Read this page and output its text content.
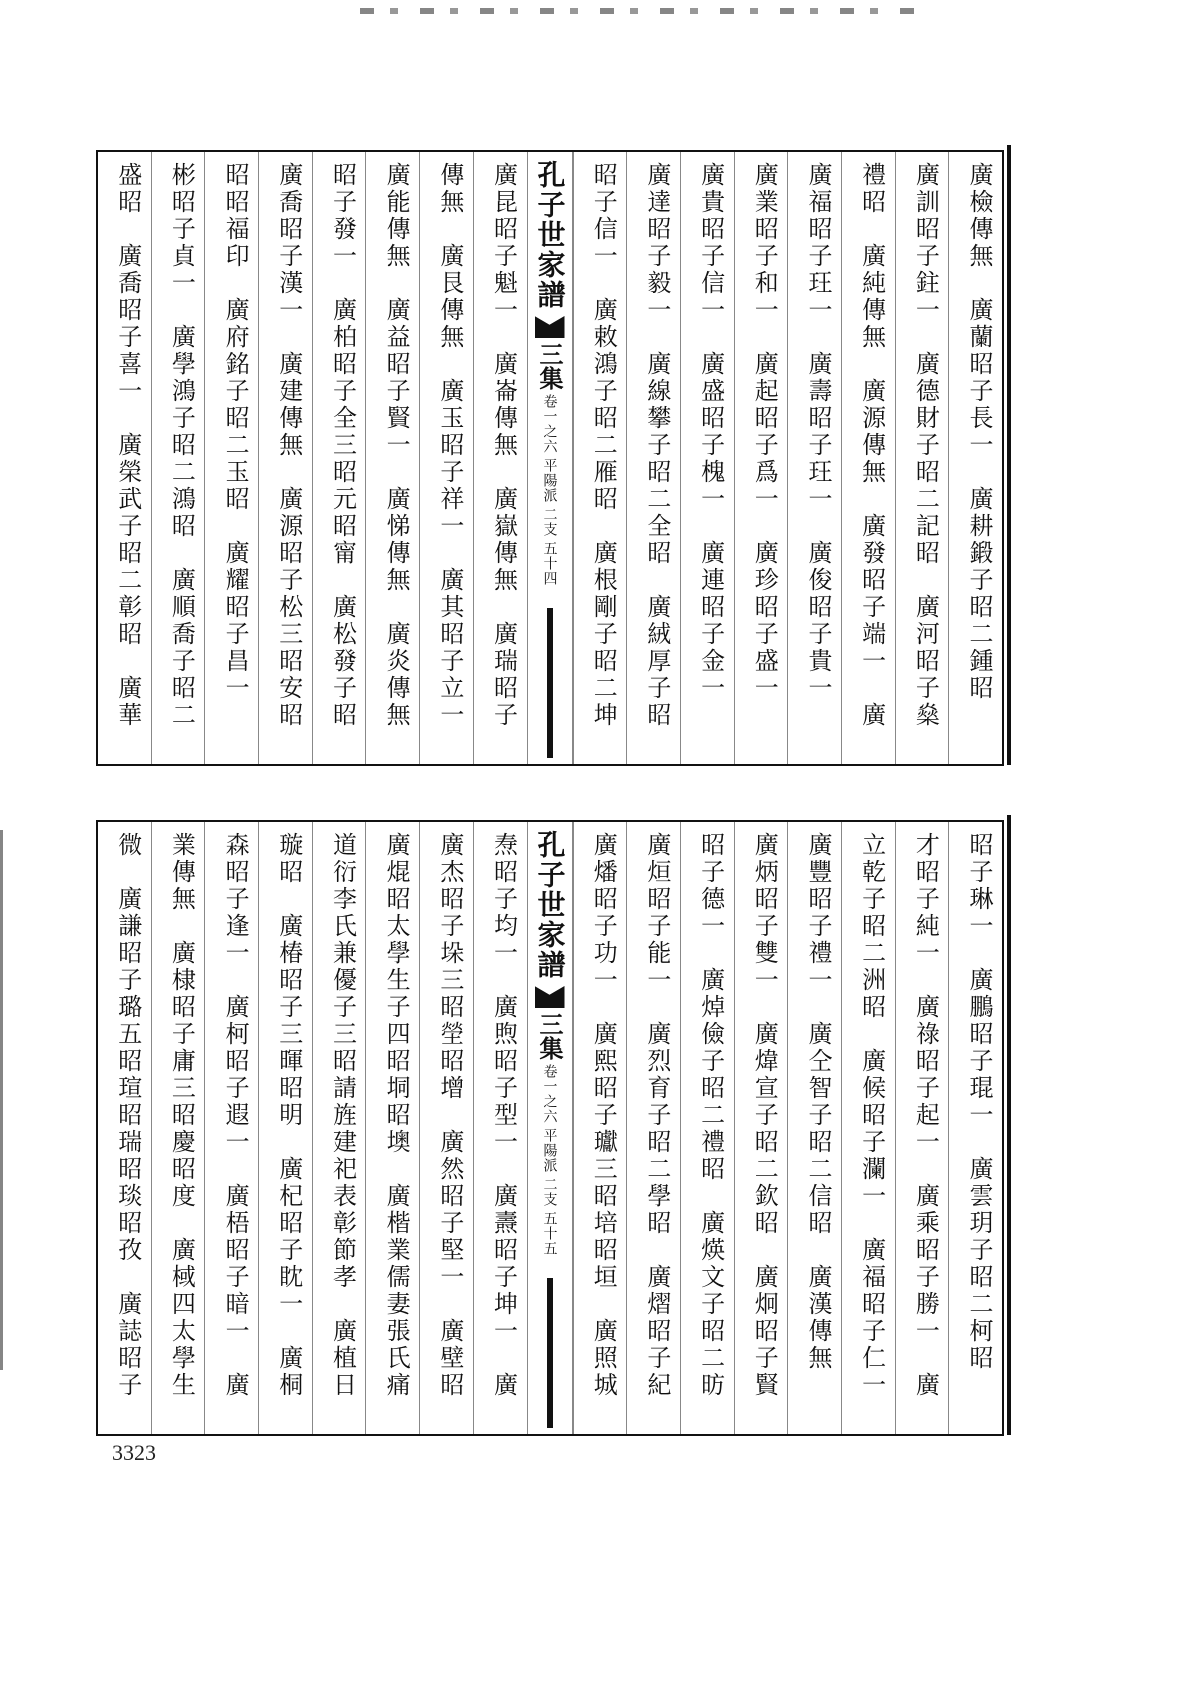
廣檢傳無　廣蘭昭子長一　廣耕鍛子昭二鍾昭　
廣訓昭子鉒一　廣德財子昭二記昭　廣河昭子燊　
禮昭　廣純傳無　廣源傳無　廣發昭子端一　廣
廣福昭子玨一　廣壽昭子玨一　廣俊昭子貴一　
廣業昭子和一　廣起昭子爲一　廣珍昭子盛一　
廣貴昭子信一　廣盛昭子槐一　廣連昭子金一　
廣達昭子毅一　廣線攀子昭二全昭　廣絨厚子昭　
昭子信一　廣敕鴻子昭二雁昭　廣根剛子昭二坤　
孔子世家譜
三集
卷一之六
平陽派
二支
五十四
廣昆昭子魁一　廣崙傳無　廣嶽傳無　廣瑞昭子　
傳無　廣艮傳無　廣玉昭子祥一　廣其昭子立一　
廣能傳無　廣益昭子賢一　廣悌傳無　廣炎傳無　
昭子發一　廣柏昭子全三昭元昭甯　廣松發子昭　
廣喬昭子漢一　廣建傳無　廣源昭子松三昭安昭　
昭昭福印　廣府銘子昭二玉昭　廣耀昭子昌一　　
彬昭子貞一　廣學鴻子昭二鴻昭　廣順喬子昭二　
盛昭　廣喬昭子喜一　廣榮武子昭二彰昭　廣華　
昭子琳一　廣鵬昭子琨一　廣雲玥子昭二柯昭　　
才昭子純一　廣祿昭子起一　廣乘昭子勝一　廣　
立乾子昭二洲昭　廣候昭子瀾一　廣福昭子仁一　
廣豐昭子禮一　廣仝智子昭二信昭　廣漢傳無　
廣炳昭子雙一　廣煒宣子昭二欽昭　廣炯昭子賢　
昭子德一　廣焯儉子昭二禮昭　廣煐文子昭二昉　
廣烜昭子能一　廣烈育子昭二學昭　廣熠昭子紀　
廣燔昭子功一　廣熙昭子瓛三昭培昭垣　廣照城　
孔子世家譜
三集
卷一之六
平陽派
二支
五十五
焘昭子均一　廣煦昭子型一　廣燾昭子坤一　廣
廣杰昭子垛三昭塋昭增　廣然昭子堅一　廣壁昭
廣焜昭太學生子四昭垌昭墺　廣楷業儒妻張氏痛
道衍李氏兼優子三昭請旌建祀表彰節孝　廣植日
璇昭　廣椿昭子三暉昭明　廣杞昭子眈一　廣桐　
森昭子逢一　廣柯昭子遐一　廣梧昭子暗一　廣　
業傳無　廣棣昭子庸三昭慶昭度　廣棫四太學生
微　廣謙昭子璐五昭瑄昭瑞昭琰昭孜　廣誌昭子　
3323
